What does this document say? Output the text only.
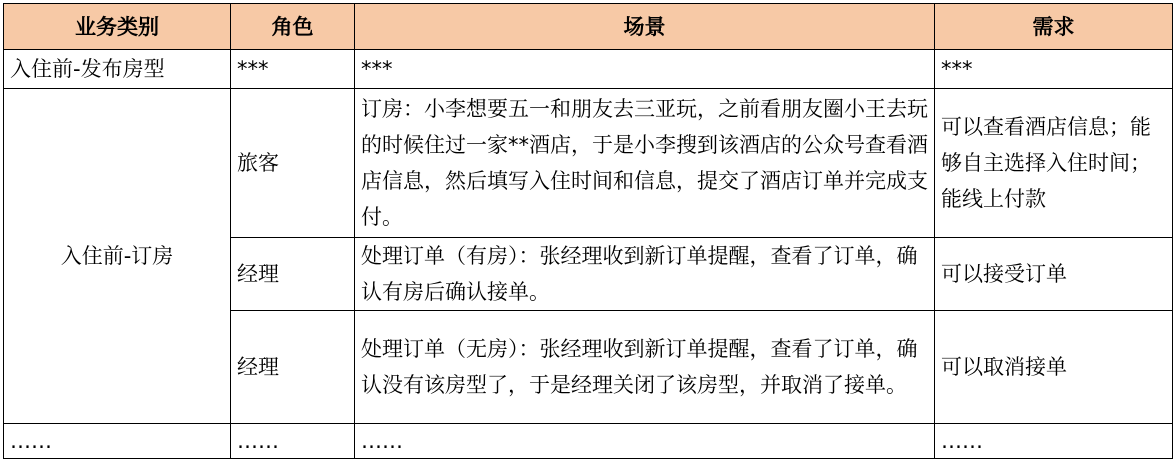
业务类别	角色	场景	需求
入住前-发布房型	***	***	***
入住前-订房	旅客	订房：小李想要五一和朋友去三亚玩，之前看朋友圈小王去玩的时候住过一家**酒店，于是小李搜到该酒店的公众号查看酒店信息，然后填写入住时间和信息，提交了酒店订单并完成支付。	可以查看酒店信息；能够自主选择入住时间；能线上付款

	经理	处理订单（有房）：张经理收到新订单提醒，查看了订单，确认有房后确认接单。	可以接受订单
	经理	处理订单（无房）：张经理收到新订单提醒，查看了订单，确认没有该房型了，于是经理关闭了该房型，并取消了接单。	可以取消接单
……	……	……	……
